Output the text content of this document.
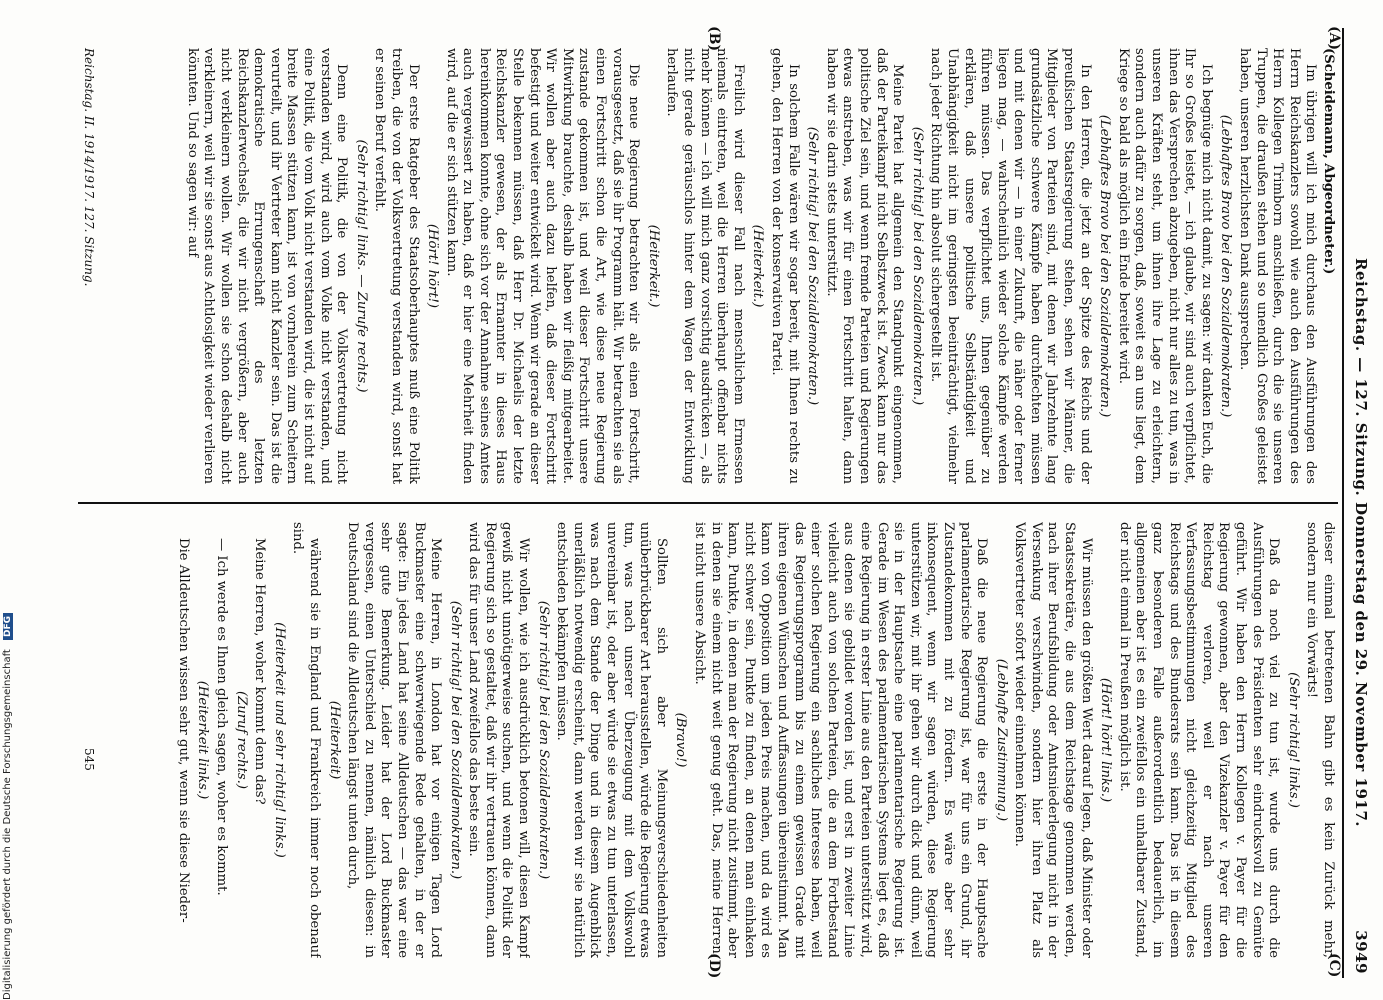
Reichstag. — 127. Sitzung. Donnerstag den 29. November 1917.
3949
(A)
(B)
(C)
(D)

(Scheidemann, Abgeordneter.)

Im übrigen will ich mich durchaus den Ausführungen des Herrn Reichskanzlers sowohl wie auch den Ausführungen des Herrn Kollegen Trimborn anschließen, durch die sie unseren Truppen, die draußen stehen und so unendlich Großes geleistet haben, unseren herzlichsten Dank aussprechen.

(Lebhaftes Bravo bei den Sozialdemokraten.)

Ich begnüge mich nicht damit, zu sagen: wir danken Euch, die Ihr so Großes leistet, — ich glaube, wir sind auch verpflichtet, ihnen das Versprechen abzugeben, nicht nur alles zu tun, was in unseren Kräften steht, um ihnen ihre Lage zu erleichtern, sondern auch dafür zu sorgen, daß, soweit es an uns liegt, dem Kriege so bald als möglich ein Ende bereitet wird.

(Lebhaftes Bravo bei den Sozialdemokraten.)

In den Herren, die jetzt an der Spitze des Reichs und der preußischen Staatsregierung stehen, sehen wir Männer, die Mitglieder von Parteien sind, mit denen wir Jahrzehnte lang grundsätzliche schwere Kämpfe haben durchfechten müssen und mit denen wir — in einer Zukunft, die näher oder ferner liegen mag, — wahrscheinlich wieder solche Kämpfe werden führen müssen. Das verpflichtet uns, Ihnen gegenüber zu erklären, daß unsere politische Selbständigkeit und Unabhängigkeit nicht im geringsten beeinträchtigt, vielmehr nach jeder Richtung hin absolut sichergestellt ist.

(Sehr richtig! bei den Sozialdemokraten.)

Meine Partei hat allgemein den Standpunkt eingenommen, daß der Parteikampf nicht Selbstzweck ist. Zweck kann nur das politische Ziel sein, und wenn fremde Parteien und Regierungen etwas anstreben, was wir für einen Fortschritt halten, dann haben wir sie darin stets unterstützt.

(Sehr richtig! bei den Sozialdemokraten.)

In solchem Falle wären wir sogar bereit, mit Ihnen rechts zu gehen, den Herren von der konservativen Partei.

(Heiterkeit.)

Freilich wird dieser Fall nach menschlichem Ermessen niemals eintreten, weil die Herren überhaupt offenbar nichts mehr können — ich will mich ganz vorsichtig ausdrücken —, als nicht gerade geräuschlos hinter dem Wagen der Entwicklung herlaufen.

(Heiterkeit.)

Die neue Regierung betrachten wir als einen Fortschritt, vorausgesetzt, daß sie ihr Programm hält. Wir betrachten sie als einen Fortschritt schon die Art, wie diese neue Regierung zustande gekommen ist, und weil dieser Fortschritt unsere Mitwirkung brauchte, deshalb haben wir fleißig mitgearbeitet. Wir wollen aber auch dazu helfen, daß dieser Fortschritt befestigt und weiter entwickelt wird. Wenn wir gerade an dieser Stelle bekennen müssen, daß Herr Dr. Michaelis der letzte Reichskanzler gewesen, der als Ernannter in dieses Haus hereinkommen konnte, ohne sich vor der Annahme seines Amtes auch vergewissert zu haben, daß er hier eine Mehrheit finden wird, auf die er sich stützen kann.

(Hört! hört!)

Der erste Ratgeber des Staatsoberhauptes muß eine Politik treiben, die von der Volksvertretung verstanden wird, sonst hat er seinen Beruf verfehlt.

(Sehr richtig! links. — Zurufe rechts.)

Denn eine Politik, die von der Volksvertretung nicht verstanden wird, wird auch vom Volke nicht verstanden, und eine Politik, die vom Volk nicht verstanden wird, die ist nicht auf breite Massen stützen kann, ist von vornherein zum Scheitern verurteilt, und ihr Vertreter kann nicht Kanzler sein. Das ist die demokratische Errungenschaft des letzten Reichskanzlerwechsels, die wir nicht vergrößern, aber auch nicht verkleinern wollen. Wir wollen sie schon deshalb nicht verkleinern, weil wir sie sonst aus Achtlosigkeit wieder verlieren könnten. Und so sagen wir: auf

dieser einmal betretenen Bahn gibt es kein Zurück mehr, sondern nur ein Vorwärts!

(Sehr richtig! links.)

Daß da noch viel zu tun ist, wurde uns durch die Ausführungen des Präsidenten sehr eindrucksvoll zu Gemüte geführt. Wir haben den Herrn Kollegen v. Payer für die Regierung gewonnen, aber den Vizekanzler v. Payer für den Reichstag verloren, weil er nach unseren Verfassungsbestimmungen nicht gleichzeitig Mitglied des Reichstags und des Bundesrats sein kann. Das ist in diesem ganz besonderen Falle außerordentlich bedauerlich, im allgemeinen aber ist es ein zweifellos ein unhaltbarer Zustand, der nicht einmal in Preußen möglich ist.

(Hört! hört! links.)

Wir müssen den größten Wert darauf legen, daß Minister oder Staatssekretäre, die aus dem Reichstage genommen werden, nach ihrer Berufsbildung oder Amtsniederlegung nicht in der Versenkung verschwinden, sondern hier ihren Platz als Volksvertreter sofort wieder einnehmen können.

(Lebhafte Zustimmung.)

Daß die neue Regierung die erste in der Hauptsache parlamentarische Regierung ist, war für uns ein Grund, ihr Zustandekommen mit zu fördern. Es wäre aber sehr inkonsequent, wenn wir sagen würden, diese Regierung unterstützen wir, mit ihr gehen wir durch dick und dünn, weil sie in der Hauptsache eine parlamentarische Regierung ist. Gerade im Wesen des parlamentarischen Systems liegt es, daß eine Regierung in erster Linie aus den Parteien unterstützt wird, aus denen sie gebildet worden ist, und erst in zweiter Linie vielleicht auch von solchen Parteien, die an dem Fortbestand einer solchen Regierung ein sachliches Interesse haben, weil das Regierungsprogramm bis zu einem gewissen Grade mit ihren eigenen Wünschen und Auffassungen übereinstimmt. Man kann von Opposition um jeden Preis machen, und da wird es nicht schwer sein, Punkte zu finden, an denen man einhaken kann, Punkte, in denen man der Regierung nicht zustimmt, aber in denen sie einem nicht weit genug geht. Das, meine Herren, ist nicht unsere Absicht.

(Bravo!)

Sollten sich aber Meinungsverschiedenheiten unüberbrückbarer Art herausstellen, würde die Regierung etwas tun, was nach unserer Überzeugung mit dem Volkswohl unvereinbar ist, oder aber würde sie etwas zu tun unterlassen, was nach dem Stande der Dinge und in diesem Augenblick unerläßlich notwendig erscheint, dann werden wir sie natürlich entschieden bekämpfen müssen.

(Sehr richtig! bei den Sozialdemokraten.)

Wir wollen, wie ich ausdrücklich betonen will, diesen Kampf gewiß nicht unnötigerweise suchen, und wenn die Politik der Regierung sich so gestaltet, daß wir ihr vertrauen können, dann wird das für unser Land zweifellos das beste sein.

(Sehr richtig! bei den Sozialdemokraten.)

Meine Herren, in London hat vor einigen Tagen Lord Buckmaster eine schwerwiegende Rede gehalten, in der er sagte: Ein jedes Land hat seine Alldeutschen — das war eine sehr gute Bemerkung. Leider hat der Lord Buckmaster vergessen, einen Unterschied zu nennen, nämlich diesen: in Deutschland sind die Alldeutschen längst unten durch,

(Heiterkeit)

während sie in England und Frankreich immer noch obenauf sind.

(Heiterkeit und sehr richtig! links.)

Meine Herren, woher kommt denn das?

(Zuruf rechts.)

— Ich werde es Ihnen gleich sagen, woher es kommt.

(Heiterkeit links.)

Die Alldeutschen wissen sehr gut, wenn sie diese Nieder-

Reichstag. II. 1914/1917. 127. Sitzung.
545
Digitalisierung gefördert durch die Deutsche Forschungsgemeinschaft DFG
